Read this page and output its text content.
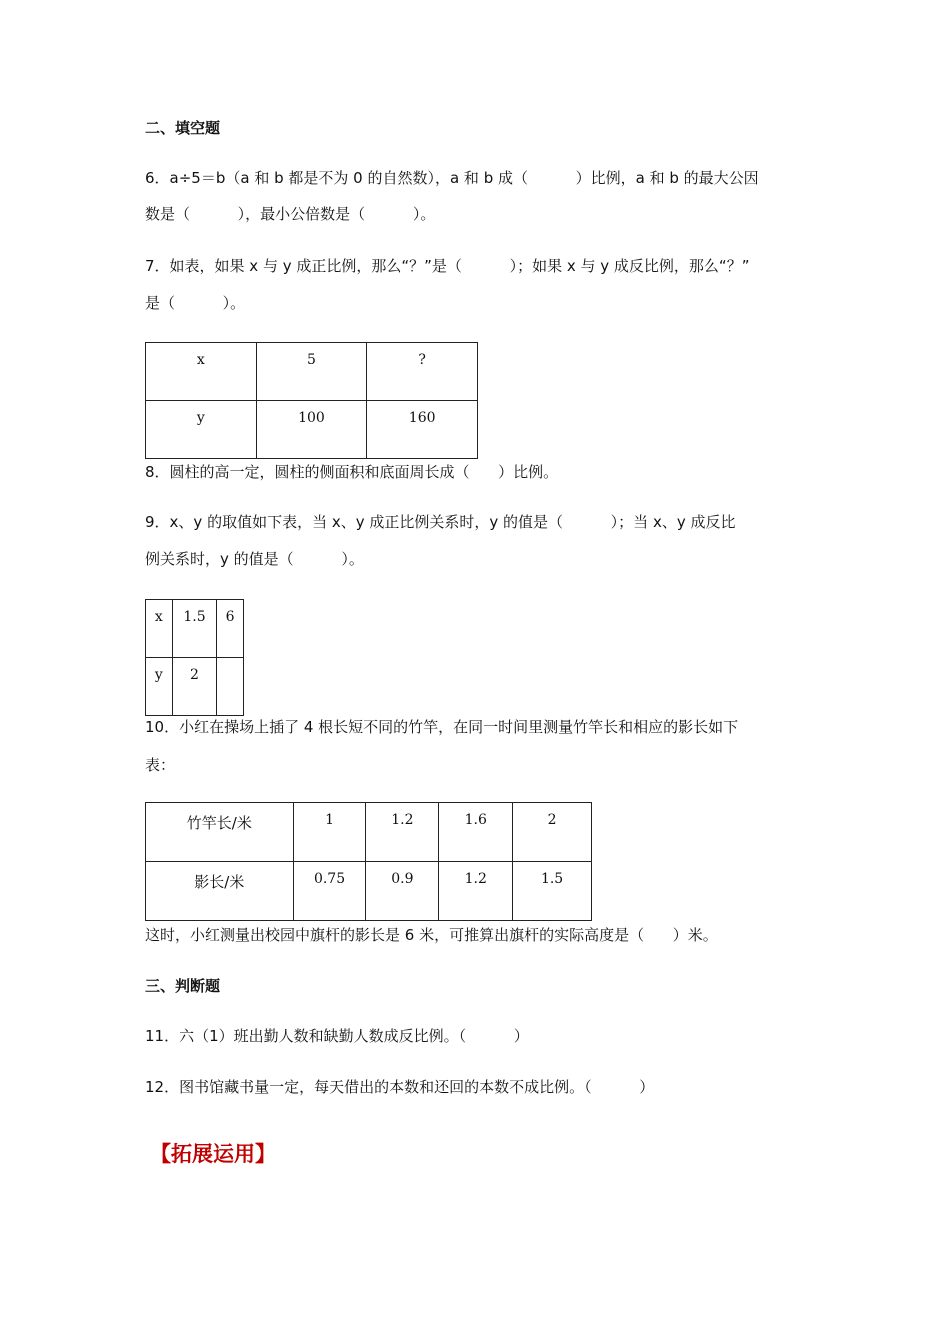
二、填空题
6．a÷5＝b（a 和 b 都是不为 0 的自然数），a 和 b 成（          ）比例，a 和 b 的最大公因
数是（          ），最小公倍数是（          ）。
7．如表，如果 x 与 y 成正比例，那么“？”是（          ）；如果 x 与 y 成反比例，那么“？”
是（          ）。
x	5	?
y	100	160
8．圆柱的高一定，圆柱的侧面积和底面周长成（      ）比例。
9．x、y 的取值如下表，当 x、y 成正比例关系时，y 的值是（          ）；当 x、y 成反比
例关系时，y 的值是（          ）。
x	1.5	6
y	2	
10．小红在操场上插了 4 根长短不同的竹竿，在同一时间里测量竹竿长和相应的影长如下
表：
竹竿长/米	1	1.2	1.6	2
影长/米	0.75	0.9	1.2	1.5
这时，小红测量出校园中旗杆的影长是 6 米，可推算出旗杆的实际高度是（      ）米。
三、判断题
11．六（1）班出勤人数和缺勤人数成反比例。（          ）
12．图书馆藏书量一定，每天借出的本数和还回的本数不成比例。（          ）
【拓展运用】
